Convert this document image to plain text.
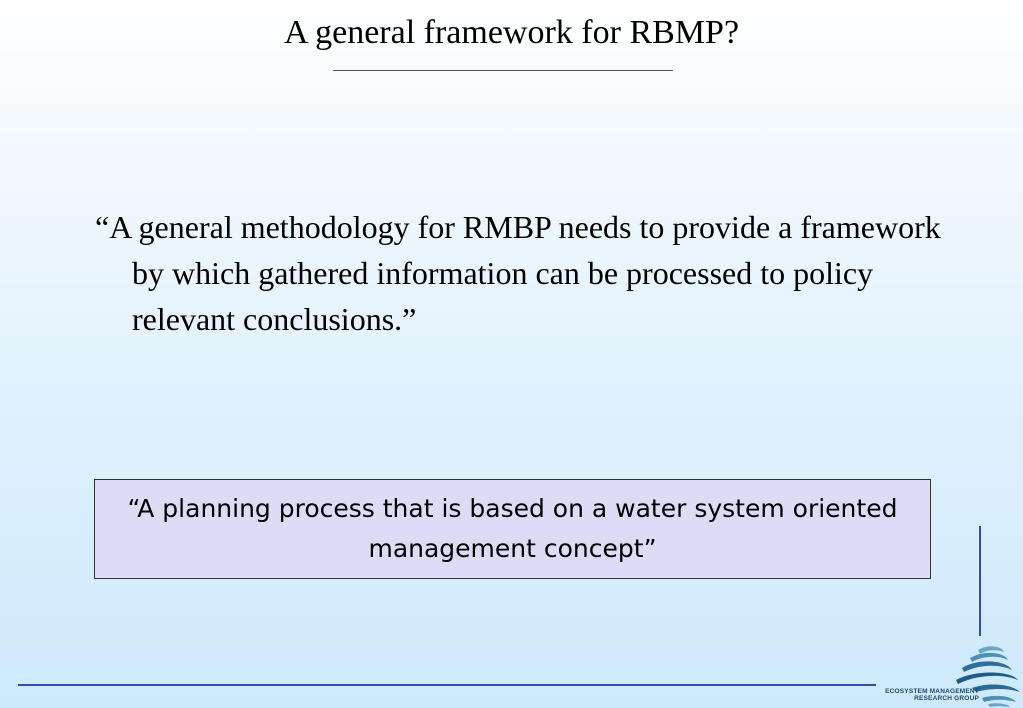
A general framework for RBMP?
“A general methodology for RMBP needs to provide a framework by which gathered information can be processed to policy relevant conclusions.”
“A planning process that is based on a water system oriented management concept”
ECOSYSTEM MANAGEMENT
RESEARCH GROUP
